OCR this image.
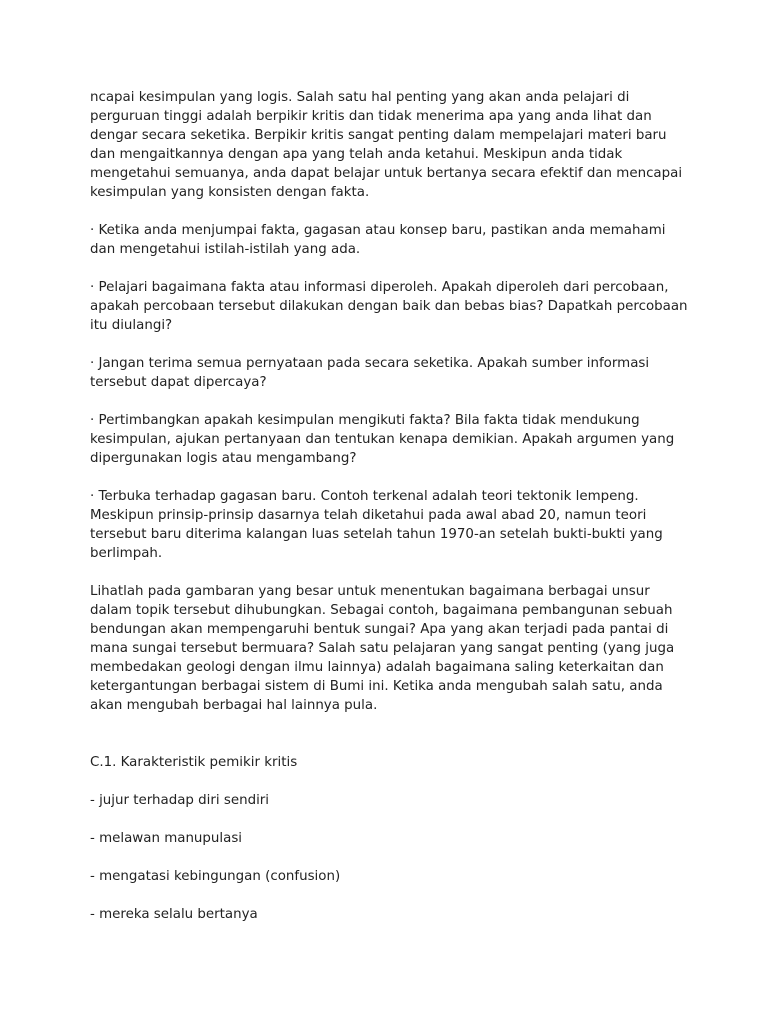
ncapai kesimpulan yang logis. Salah satu hal penting yang akan anda pelajari di perguruan tinggi adalah berpikir kritis dan tidak menerima apa yang anda lihat dan dengar secara seketika. Berpikir kritis sangat penting dalam mempelajari materi baru dan mengaitkannya dengan apa yang telah anda ketahui. Meskipun anda tidak mengetahui semuanya, anda dapat belajar untuk bertanya secara efektif dan mencapai kesimpulan yang konsisten dengan fakta.

· Ketika anda menjumpai fakta, gagasan atau konsep baru, pastikan anda memahami dan mengetahui istilah-istilah yang ada.

· Pelajari bagaimana fakta atau informasi diperoleh. Apakah diperoleh dari percobaan, apakah percobaan tersebut dilakukan dengan baik dan bebas bias? Dapatkah percobaan itu diulangi?

· Jangan terima semua pernyataan pada secara seketika. Apakah sumber informasi tersebut dapat dipercaya?

· Pertimbangkan apakah kesimpulan mengikuti fakta? Bila fakta tidak mendukung kesimpulan, ajukan pertanyaan dan tentukan kenapa demikian. Apakah argumen yang dipergunakan logis atau mengambang?

· Terbuka terhadap gagasan baru. Contoh terkenal adalah teori tektonik lempeng. Meskipun prinsip-prinsip dasarnya telah diketahui pada awal abad 20, namun teori tersebut baru diterima kalangan luas setelah tahun 1970-an setelah bukti-bukti yang berlimpah.

Lihatlah pada gambaran yang besar untuk menentukan bagaimana berbagai unsur dalam topik tersebut dihubungkan. Sebagai contoh, bagaimana pembangunan sebuah bendungan akan mempengaruhi bentuk sungai? Apa yang akan terjadi pada pantai di mana sungai tersebut bermuara? Salah satu pelajaran yang sangat penting (yang juga membedakan geologi dengan ilmu lainnya) adalah bagaimana saling keterkaitan dan ketergantungan berbagai sistem di Bumi ini. Ketika anda mengubah salah satu, anda akan mengubah berbagai hal lainnya pula.

C.1. Karakteristik pemikir kritis

- jujur terhadap diri sendiri

- melawan manupulasi

- mengatasi kebingungan (confusion)

- mereka selalu bertanya
